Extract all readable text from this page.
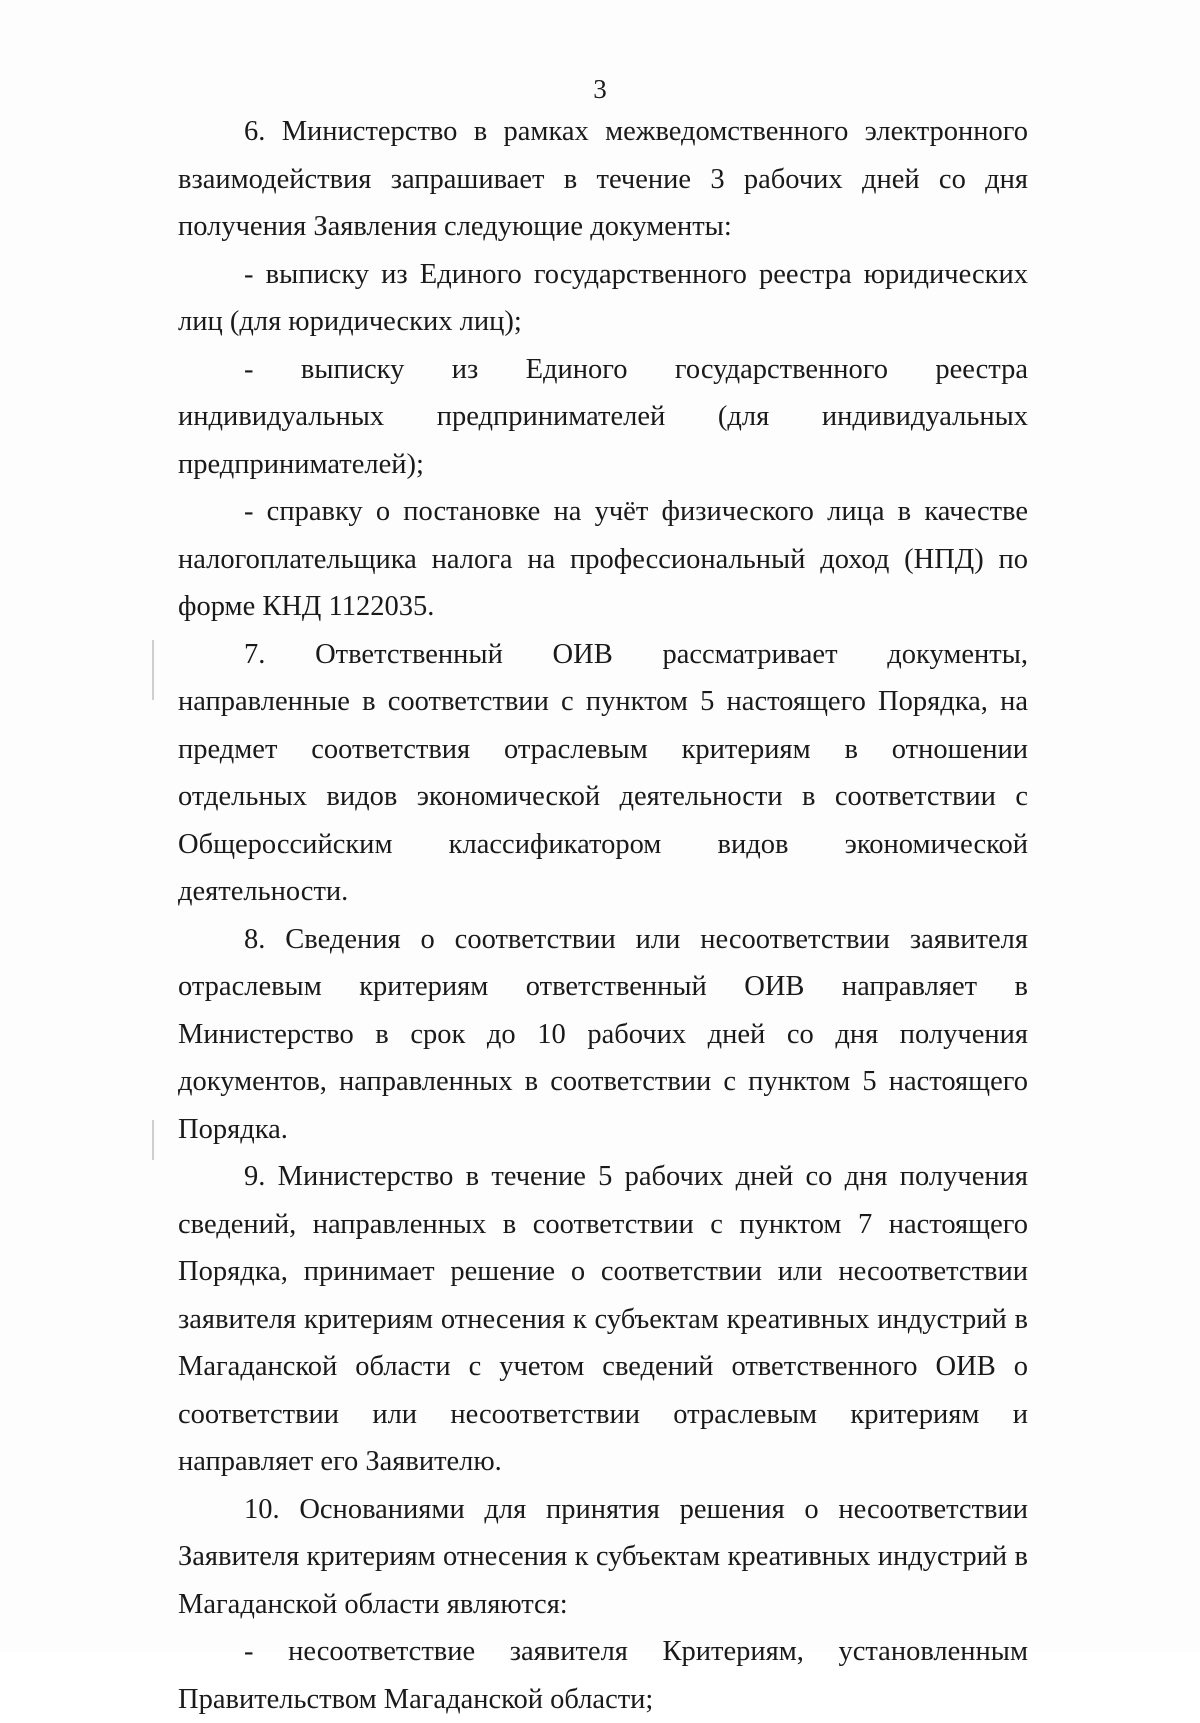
3

6. Министерство в рамках межведомственного электронного взаимодействия запрашивает в течение 3 рабочих дней со дня получения Заявления следующие документы:

- выписку из Единого государственного реестра юридических лиц (для юридических лиц);

- выписку из Единого государственного реестра индивидуальных предпринимателей (для индивидуальных предпринимателей);

- справку о постановке на учёт физического лица в качестве налогоплательщика налога на профессиональный доход (НПД) по форме КНД 1122035.

7. Ответственный ОИВ рассматривает документы, направленные в соответствии с пунктом 5 настоящего Порядка, на предмет соответствия отраслевым критериям в отношении отдельных видов экономической деятельности в соответствии с Общероссийским классификатором видов экономической деятельности.

8. Сведения о соответствии или несоответствии заявителя отраслевым критериям ответственный ОИВ направляет в Министерство в срок до 10 рабочих дней со дня получения документов, направленных в соответствии с пунктом 5 настоящего Порядка.

9. Министерство в течение 5 рабочих дней со дня получения сведений, направленных в соответствии с пунктом 7 настоящего Порядка, принимает решение о соответствии или несоответствии заявителя критериям отнесения к субъектам креативных индустрий в Магаданской области с учетом сведений ответственного ОИВ о соответствии или несоответствии отраслевым критериям и направляет его Заявителю.

10. Основаниями для принятия решения о несоответствии Заявителя критериям отнесения к субъектам креативных индустрий в Магаданской области являются:

- несоответствие заявителя Критериям, установленным
Правительством Магаданской области;
